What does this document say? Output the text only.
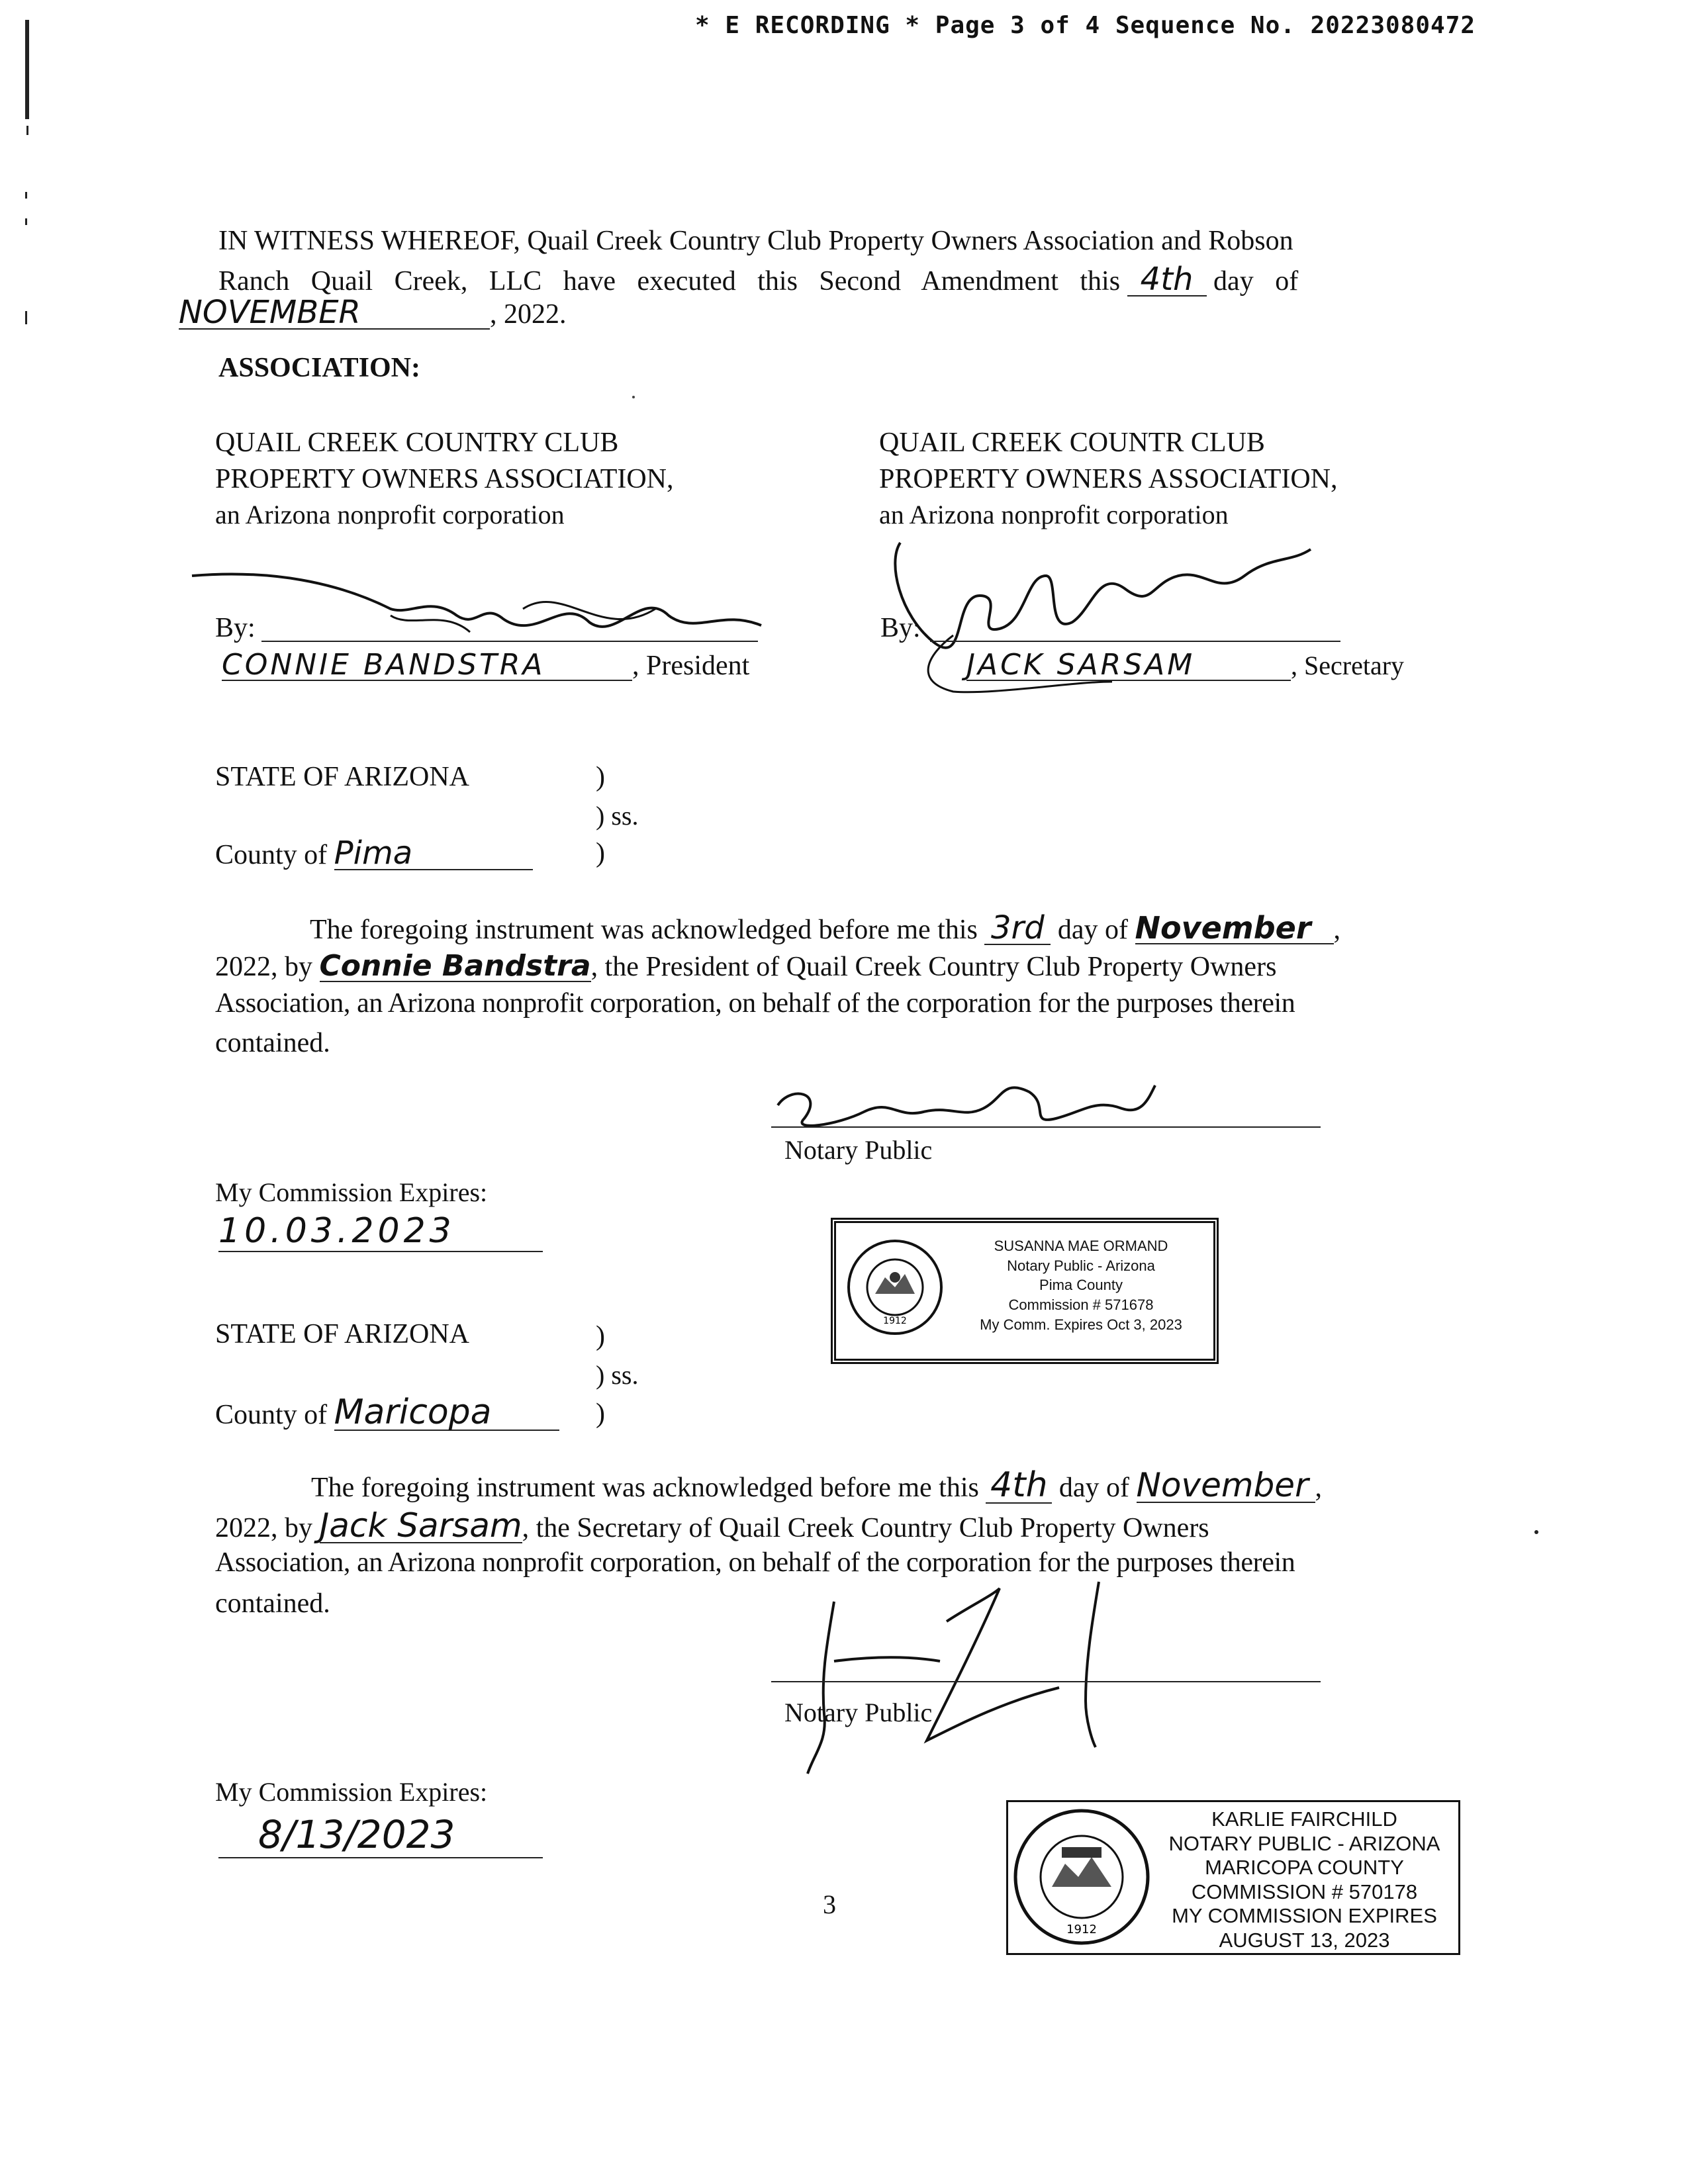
* E RECORDING * Page 3 of 4 Sequence No. 20223080472
IN WITNESS WHEREOF, Quail Creek Country Club Property Owners Association and Robson
Ranch Quail Creek, LLC have executed this Second Amendment this 4th day of
NOVEMBER	, 2022.
ASSOCIATION:
QUAIL CREEK COUNTRY CLUB
PROPERTY OWNERS ASSOCIATION,
an Arizona nonprofit corporation
By:
CONNIE BANDSTRA	, President
QUAIL CREEK COUNTR CLUB
PROPERTY OWNERS ASSOCIATION,
an Arizona nonprofit corporation
By:
JACK SARSAM	, Secretary
STATE OF ARIZONA	)
) ss.
)
County of Pima
The foregoing instrument was acknowledged before me this 3rd day of November ,
2022, by Connie Bandstra, the President of Quail Creek Country Club Property Owners
Association, an Arizona nonprofit corporation, on behalf of the corporation for the purposes therein
contained.
Notary Public
My Commission Expires:
10.03.2023
1912
SUSANNA MAE ORMAND
Notary Public - Arizona
Pima County
Commission # 571678
My Comm. Expires Oct 3, 2023
STATE OF ARIZONA	)
) ss.
)
County of Maricopa
The foregoing instrument was acknowledged before me this 4th day of November ,
2022, by Jack Sarsam, the Secretary of Quail Creek Country Club Property Owners
Association, an Arizona nonprofit corporation, on behalf of the corporation for the purposes therein
contained.
Notary Public
My Commission Expires:
8/13/2023
1912
KARLIE FAIRCHILD
NOTARY PUBLIC - ARIZONA
MARICOPA COUNTY
COMMISSION # 570178
MY COMMISSION EXPIRES
AUGUST 13, 2023
3
